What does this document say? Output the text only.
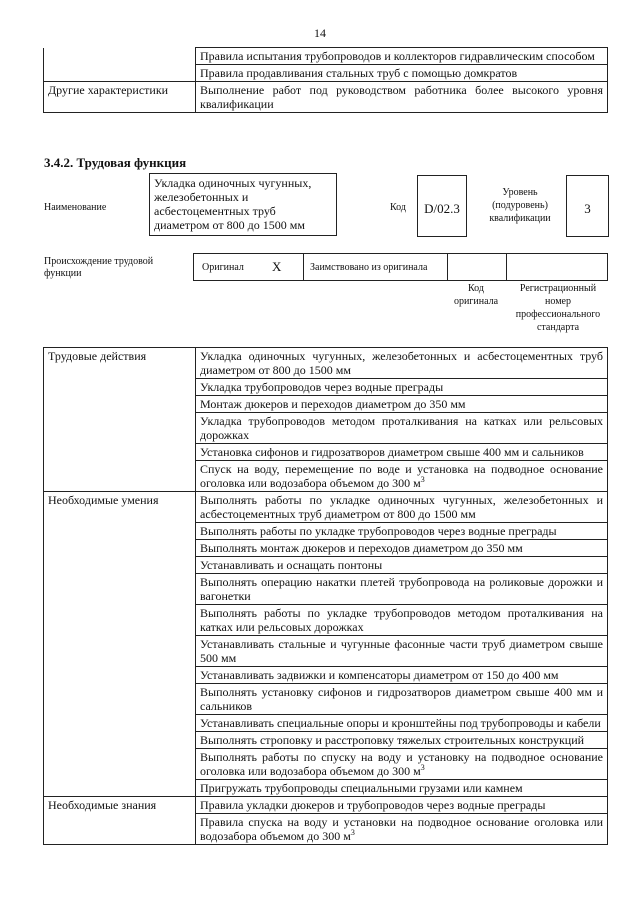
14
	Правила испытания трубопроводов и коллекторов гидравлическим способом
	Правила продавливания стальных труб с помощью домкратов
Другие характеристики	Выполнение работ под руководством работника более высокого уровня квалификации
3.4.2. Трудовая функция
Наименование
Укладка одиночных чугунных, железобетонных и асбестоцементных труб диаметром от 800 до 1500 мм
Код	D/02.3
Уровень (подуровень) квалификации
3
Происхождение трудовой функции
Оригинал X	Заимствовано из оригинала
Код оригинала
Регистрационный номер профессионального стандарта
Трудовые действия	Укладка одиночных чугунных, железобетонных и асбестоцементных труб диаметром от 800 до 1500 мм
	Укладка трубопроводов через водные преграды
	Монтаж дюкеров и переходов диаметром до 350 мм
	Укладка трубопроводов методом проталкивания на катках или рельсовых дорожках
	Установка сифонов и гидрозатворов диаметром свыше 400 мм и сальников
	Спуск на воду, перемещение по воде и установка на подводное основание оголовка или водозабора объемом до 300 $м^3$
Необходимые умения	Выполнять работы по укладке одиночных чугунных, железобетонных и асбестоцементных труб диаметром от 800 до 1500 мм
	Выполнять работы по укладке трубопроводов через водные преграды
	Выполнять монтаж дюкеров и переходов диаметром до 350 мм
	Устанавливать и оснащать понтоны
	Выполнять операцию накатки плетей трубопровода на роликовые дорожки и вагонетки
	Выполнять работы по укладке трубопроводов методом проталкивания на катках или рельсовых дорожках
	Устанавливать стальные и чугунные фасонные части труб диаметром свыше 500 мм
	Устанавливать задвижки и компенсаторы диаметром от 150 до 400 мм
	Выполнять установку сифонов и гидрозатворов диаметром свыше 400 мм и сальников
	Устанавливать специальные опоры и кронштейны под трубопроводы и кабели
	Выполнять строповку и расстроповку тяжелых строительных конструкций
	Выполнять работы по спуску на воду и установку на подводное основание оголовка или водозабора объемом до 300 $м^3$
	Пригружать трубопроводы специальными грузами или камнем
Необходимые знания	Правила укладки дюкеров и трубопроводов через водные преграды
	Правила спуска на воду и установки на подводное основание оголовка или водозабора объемом до 300 $м^3$
